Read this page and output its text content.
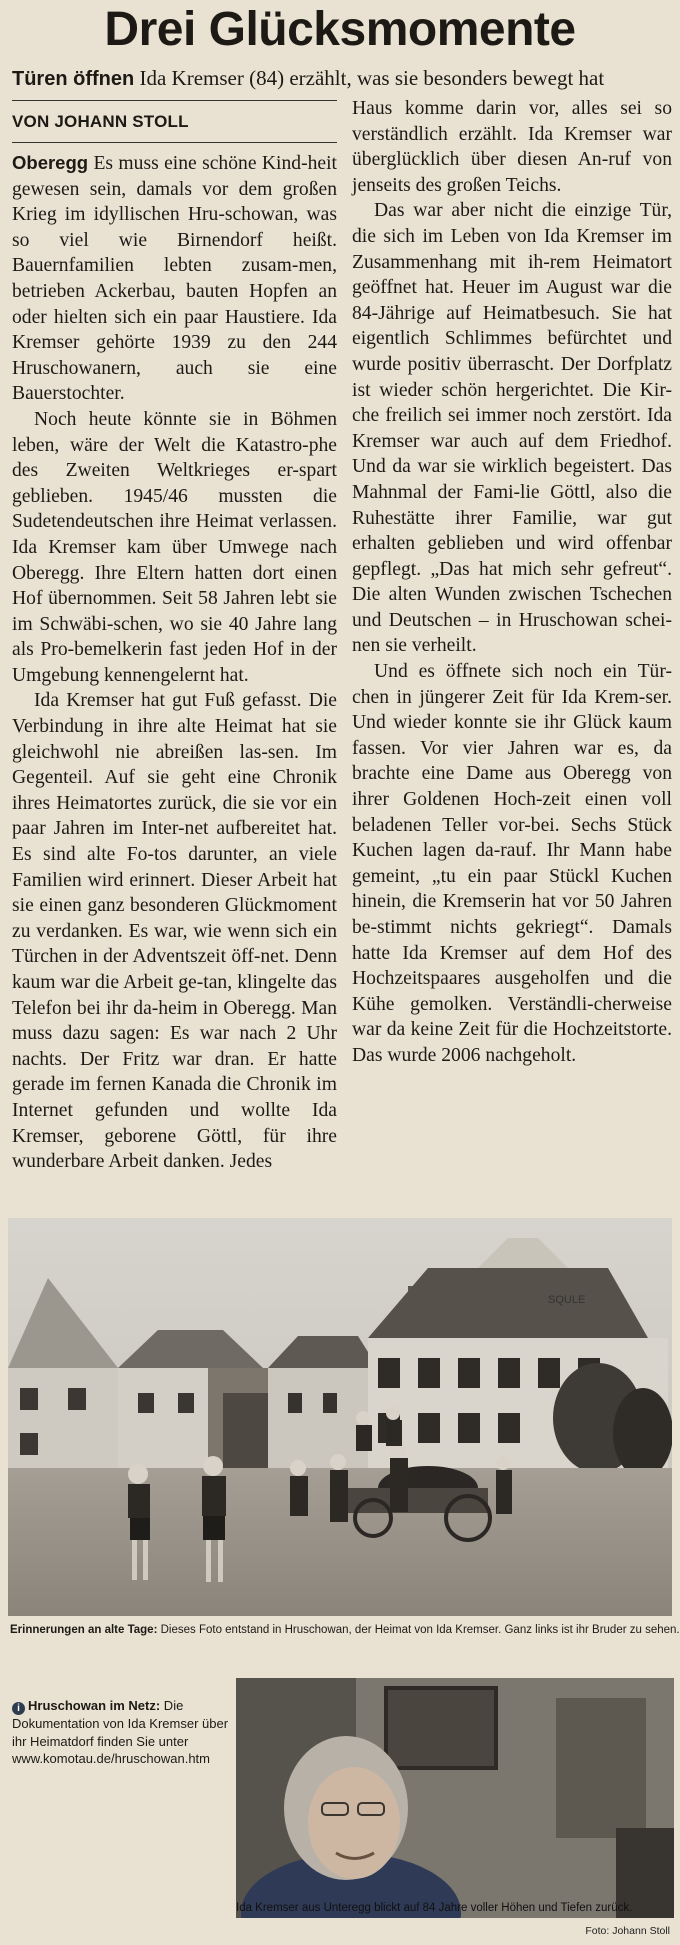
Drei Glücksmomente
Türen öffnen Ida Kremser (84) erzählt, was sie besonders bewegt hat
VON JOHANN STOLL

Oberegg Es muss eine schöne Kind-heit gewesen sein, damals vor dem großen Krieg im idyllischen Hru-schowan, was so viel wie Birnendorf heißt. Bauernfamilien lebten zusam-men, betrieben Ackerbau, bauten Hopfen an oder hielten sich ein paar Haustiere. Ida Kremser gehörte 1939 zu den 244 Hruschowanern, auch sie eine Bauerstochter.

Noch heute könnte sie in Böhmen leben, wäre der Welt die Katastro-phe des Zweiten Weltkrieges er-spart geblieben. 1945/46 mussten die Sudetendeutschen ihre Heimat verlassen. Ida Kremser kam über Umwege nach Oberegg. Ihre Eltern hatten dort einen Hof übernommen. Seit 58 Jahren lebt sie im Schwäbi-schen, wo sie 40 Jahre lang als Pro-bemelkerin fast jeden Hof in der Umgebung kennengelernt hat.

Ida Kremser hat gut Fuß gefasst. Die Verbindung in ihre alte Heimat hat sie gleichwohl nie abreißen las-sen. Im Gegenteil. Auf sie geht eine Chronik ihres Heimatortes zurück, die sie vor ein paar Jahren im Inter-net aufbereitet hat. Es sind alte Fo-tos darunter, an viele Familien wird erinnert. Dieser Arbeit hat sie einen ganz besonderen Glückmoment zu verdanken. Es war, wie wenn sich ein Türchen in der Adventszeit öff-net. Denn kaum war die Arbeit ge-tan, klingelte das Telefon bei ihr da-heim in Oberegg. Man muss dazu sagen: Es war nach 2 Uhr nachts. Der Fritz war dran. Er hatte gerade im fernen Kanada die Chronik im Internet gefunden und wollte Ida Kremser, geborene Göttl, für ihre wunderbare Arbeit danken. Jedes

Haus komme darin vor, alles sei so verständlich erzählt. Ida Kremser war überglücklich über diesen An-ruf von jenseits des großen Teichs.

Das war aber nicht die einzige Tür, die sich im Leben von Ida Kremser im Zusammenhang mit ih-rem Heimatort geöffnet hat. Heuer im August war die 84-Jährige auf Heimatbesuch. Sie hat eigentlich Schlimmes befürchtet und wurde positiv überrascht. Der Dorfplatz ist wieder schön hergerichtet. Die Kir-che freilich sei immer noch zerstört. Ida Kremser war auch auf dem Friedhof. Und da war sie wirklich begeistert. Das Mahnmal der Fami-lie Göttl, also die Ruhestätte ihrer Familie, war gut erhalten geblieben und wird offenbar gepflegt. „Das hat mich sehr gefreut“. Die alten Wunden zwischen Tschechen und Deutschen – in Hruschowan schei-nen sie verheilt.

Und es öffnete sich noch ein Tür-chen in jüngerer Zeit für Ida Krem-ser. Und wieder konnte sie ihr Glück kaum fassen. Vor vier Jahren war es, da brachte eine Dame aus Oberegg von ihrer Goldenen Hoch-zeit einen voll beladenen Teller vor-bei. Sechs Stück Kuchen lagen da-rauf. Ihr Mann habe gemeint, „tu ein paar Stückl Kuchen hinein, die Kremserin hat vor 50 Jahren be-stimmt nichts gekriegt“. Damals hatte Ida Kremser auf dem Hof des Hochzeitspaares ausgeholfen und die Kühe gemolken. Verständli-cherweise war da keine Zeit für die Hochzeitstorte. Das wurde 2006 nachgeholt.

SQULE
Erinnerungen an alte Tage: Dieses Foto entstand in Hruschowan, der Heimat von Ida Kremser. Ganz links ist ihr Bruder zu sehen.
i Hruschowan im Netz: Die Dokumentation von Ida Kremser über ihr Heimatdorf finden Sie unter www.komotau.de/hruschowan.htm
Ida Kremser aus Unteregg blickt auf 84 Jahre voller Höhen und Tiefen zurück.
Foto: Johann Stoll
